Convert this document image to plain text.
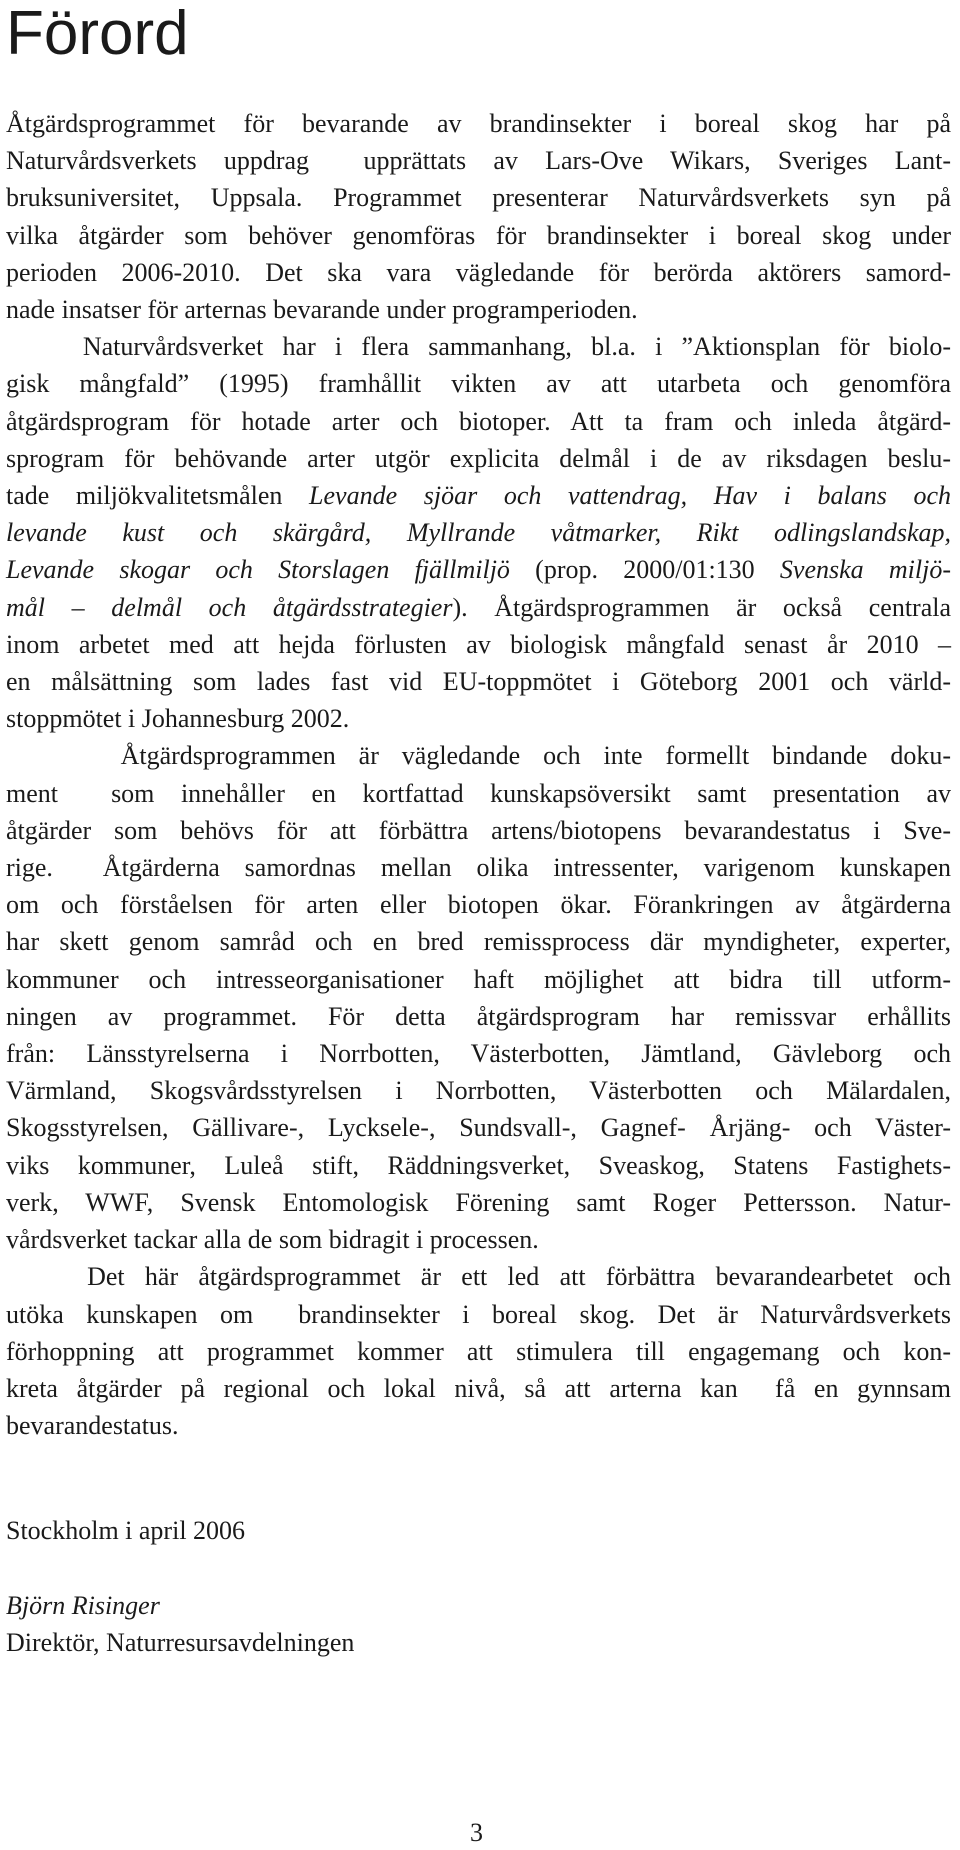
Förord
Åtgärdsprogrammet för bevarande av brandinsekter i boreal skog har på
Naturvårdsverkets uppdrag  upprättats av Lars-Ove Wikars, Sveriges Lant-
bruksuniversitet, Uppsala. Programmet presenterar Naturvårdsverkets syn på
vilka åtgärder som behöver genomföras för brandinsekter i boreal skog under
perioden 2006-2010. Det ska vara vägledande för berörda aktörers samord-
nade insatser för arternas bevarande under programperioden.
Naturvårdsverket har i flera sammanhang, bl.a. i ”Aktionsplan för biolo-
gisk mångfald” (1995) framhållit vikten av att utarbeta och genomföra
åtgärdsprogram för hotade arter och biotoper. Att ta fram och inleda åtgärd-
sprogram för behövande arter utgör explicita delmål i de av riksdagen beslu-
tade miljökvalitetsmålen Levande sjöar och vattendrag, Hav i balans och
levande kust och skärgård, Myllrande våtmarker, Rikt odlingslandskap,
Levande skogar och Storslagen fjällmiljö (prop. 2000/01:130 Svenska miljö-
mål – delmål och åtgärdsstrategier). Åtgärdsprogrammen är också centrala
inom arbetet med att hejda förlusten av biologisk mångfald senast år 2010 –
en målsättning som lades fast vid EU-toppmötet i Göteborg 2001 och värld-
stoppmötet i Johannesburg 2002.
Åtgärdsprogrammen är vägledande och inte formellt bindande doku-
ment  som innehåller en kortfattad kunskapsöversikt samt presentation av
åtgärder som behövs för att förbättra artens/biotopens bevarandestatus i Sve-
rige.  Åtgärderna samordnas mellan olika intressenter, varigenom kunskapen
om och förståelsen för arten eller biotopen ökar. Förankringen av åtgärderna
har skett genom samråd och en bred remissprocess där myndigheter, experter,
kommuner och intresseorganisationer haft möjlighet att bidra till utform-
ningen av programmet. För detta åtgärdsprogram har remissvar erhållits
från: Länsstyrelserna i Norrbotten, Västerbotten, Jämtland, Gävleborg och
Värmland, Skogsvårdsstyrelsen i Norrbotten, Västerbotten och Mälardalen,
Skogsstyrelsen, Gällivare-, Lycksele-, Sundsvall-, Gagnef- Årjäng- och Väster-
viks kommuner, Luleå stift, Räddningsverket, Sveaskog, Statens Fastighets-
verk, WWF, Svensk Entomologisk Förening samt Roger Pettersson. Natur-
vårdsverket tackar alla de som bidragit i processen.
Det här åtgärdsprogrammet är ett led att förbättra bevarandearbetet och
utöka kunskapen om  brandinsekter i boreal skog. Det är Naturvårdsverkets
förhoppning att programmet kommer att stimulera till engagemang och kon-
kreta åtgärder på regional och lokal nivå, så att arterna kan  få en gynnsam
bevarandestatus.
Stockholm i april 2006
Björn Risinger
Direktör, Naturresursavdelningen
3
